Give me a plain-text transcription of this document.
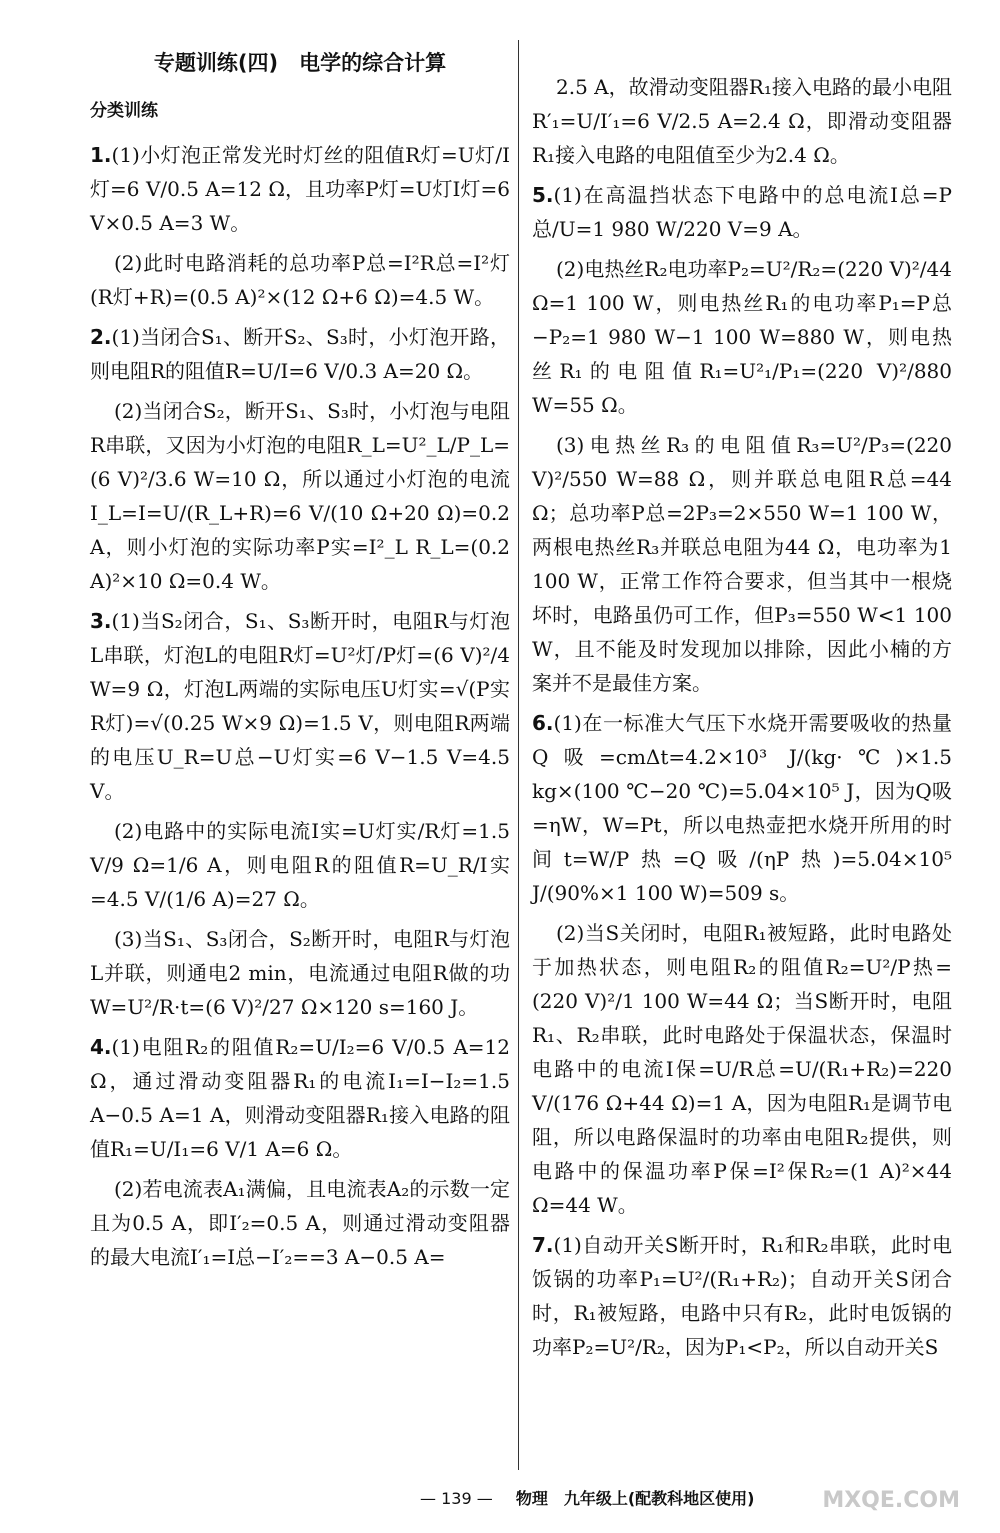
专题训练(四)　电学的综合计算
分类训练
1.(1)小灯泡正常发光时灯丝的阻值R灯=U灯/I灯=6 V/0.5 A=12 Ω，且功率P灯=U灯I灯=6 V×0.5 A=3 W。
(2)此时电路消耗的总功率P总=I²R总=I²灯(R灯+R)=(0.5 A)²×(12 Ω+6 Ω)=4.5 W。
2.(1)当闭合S₁、断开S₂、S₃时，小灯泡开路，则电阻R的阻值R=U/I=6 V/0.3 A=20 Ω。
(2)当闭合S₂，断开S₁、S₃时，小灯泡与电阻R串联，又因为小灯泡的电阻R_L=U²_L/P_L=(6 V)²/3.6 W=10 Ω，所以通过小灯泡的电流I_L=I=U/(R_L+R)=6 V/(10 Ω+20 Ω)=0.2 A，则小灯泡的实际功率P实=I²_L R_L=(0.2 A)²×10 Ω=0.4 W。
3.(1)当S₂闭合，S₁、S₃断开时，电阻R与灯泡L串联，灯泡L的电阻R灯=U²灯/P灯=(6 V)²/4 W=9 Ω，灯泡L两端的实际电压U灯实=√(P实R灯)=√(0.25 W×9 Ω)=1.5 V，则电阻R两端的电压U_R=U总−U灯实=6 V−1.5 V=4.5 V。
(2)电路中的实际电流I实=U灯实/R灯=1.5 V/9 Ω=1/6 A，则电阻R的阻值R=U_R/I实=4.5 V/(1/6 A)=27 Ω。
(3)当S₁、S₃闭合，S₂断开时，电阻R与灯泡L并联，则通电2 min，电流通过电阻R做的功W=U²/R·t=(6 V)²/27 Ω×120 s=160 J。
4.(1)电阻R₂的阻值R₂=U/I₂=6 V/0.5 A=12 Ω，通过滑动变阻器R₁的电流I₁=I−I₂=1.5 A−0.5 A=1 A，则滑动变阻器R₁接入电路的阻值R₁=U/I₁=6 V/1 A=6 Ω。
(2)若电流表A₁满偏，且电流表A₂的示数一定且为0.5 A，即I′₂=0.5 A，则通过滑动变阻器的最大电流I′₁=I总−I′₂==3 A−0.5 A=
2.5 A，故滑动变阻器R₁接入电路的最小电阻R′₁=U/I′₁=6 V/2.5 A=2.4 Ω，即滑动变阻器R₁接入电路的电阻值至少为2.4 Ω。
5.(1)在高温挡状态下电路中的总电流I总=P总/U=1 980 W/220 V=9 A。
(2)电热丝R₂电功率P₂=U²/R₂=(220 V)²/44 Ω=1 100 W，则电热丝R₁的电功率P₁=P总−P₂=1 980 W−1 100 W=880 W，则电热丝R₁的电阻值R₁=U²₁/P₁=(220 V)²/880 W=55 Ω。
(3)电热丝R₃的电阻值R₃=U²/P₃=(220 V)²/550 W=88 Ω，则并联总电阻R总=44 Ω；总功率P总=2P₃=2×550 W=1 100 W，两根电热丝R₃并联总电阻为44 Ω，电功率为1 100 W，正常工作符合要求，但当其中一根烧坏时，电路虽仍可工作，但P₃=550 W<1 100 W，且不能及时发现加以排除，因此小楠的方案并不是最佳方案。
6.(1)在一标准大气压下水烧开需要吸收的热量Q吸=cmΔt=4.2×10³ J/(kg·℃)×1.5 kg×(100 ℃−20 ℃)=5.04×10⁵ J，因为Q吸=ηW，W=Pt，所以电热壶把水烧开所用的时间t=W/P热=Q吸/(ηP热)=5.04×10⁵ J/(90%×1 100 W)=509 s。
(2)当S关闭时，电阻R₁被短路，此时电路处于加热状态，则电阻R₂的阻值R₂=U²/P热=(220 V)²/1 100 W=44 Ω；当S断开时，电阻R₁、R₂串联，此时电路处于保温状态，保温时电路中的电流I保=U/R总=U/(R₁+R₂)=220 V/(176 Ω+44 Ω)=1 A，因为电阻R₁是调节电阻，所以电路保温时的功率由电阻R₂提供，则电路中的保温功率P保=I²保R₂=(1 A)²×44 Ω=44 W。
7.(1)自动开关S断开时，R₁和R₂串联，此时电饭锅的功率P₁=U²/(R₁+R₂)；自动开关S闭合时，R₁被短路，电路中只有R₂，此时电饭锅的功率P₂=U²/R₂，因为P₁<P₂，所以自动开关S
— 139 — 物理　九年级上(配教科地区使用)	MXQE.COM
